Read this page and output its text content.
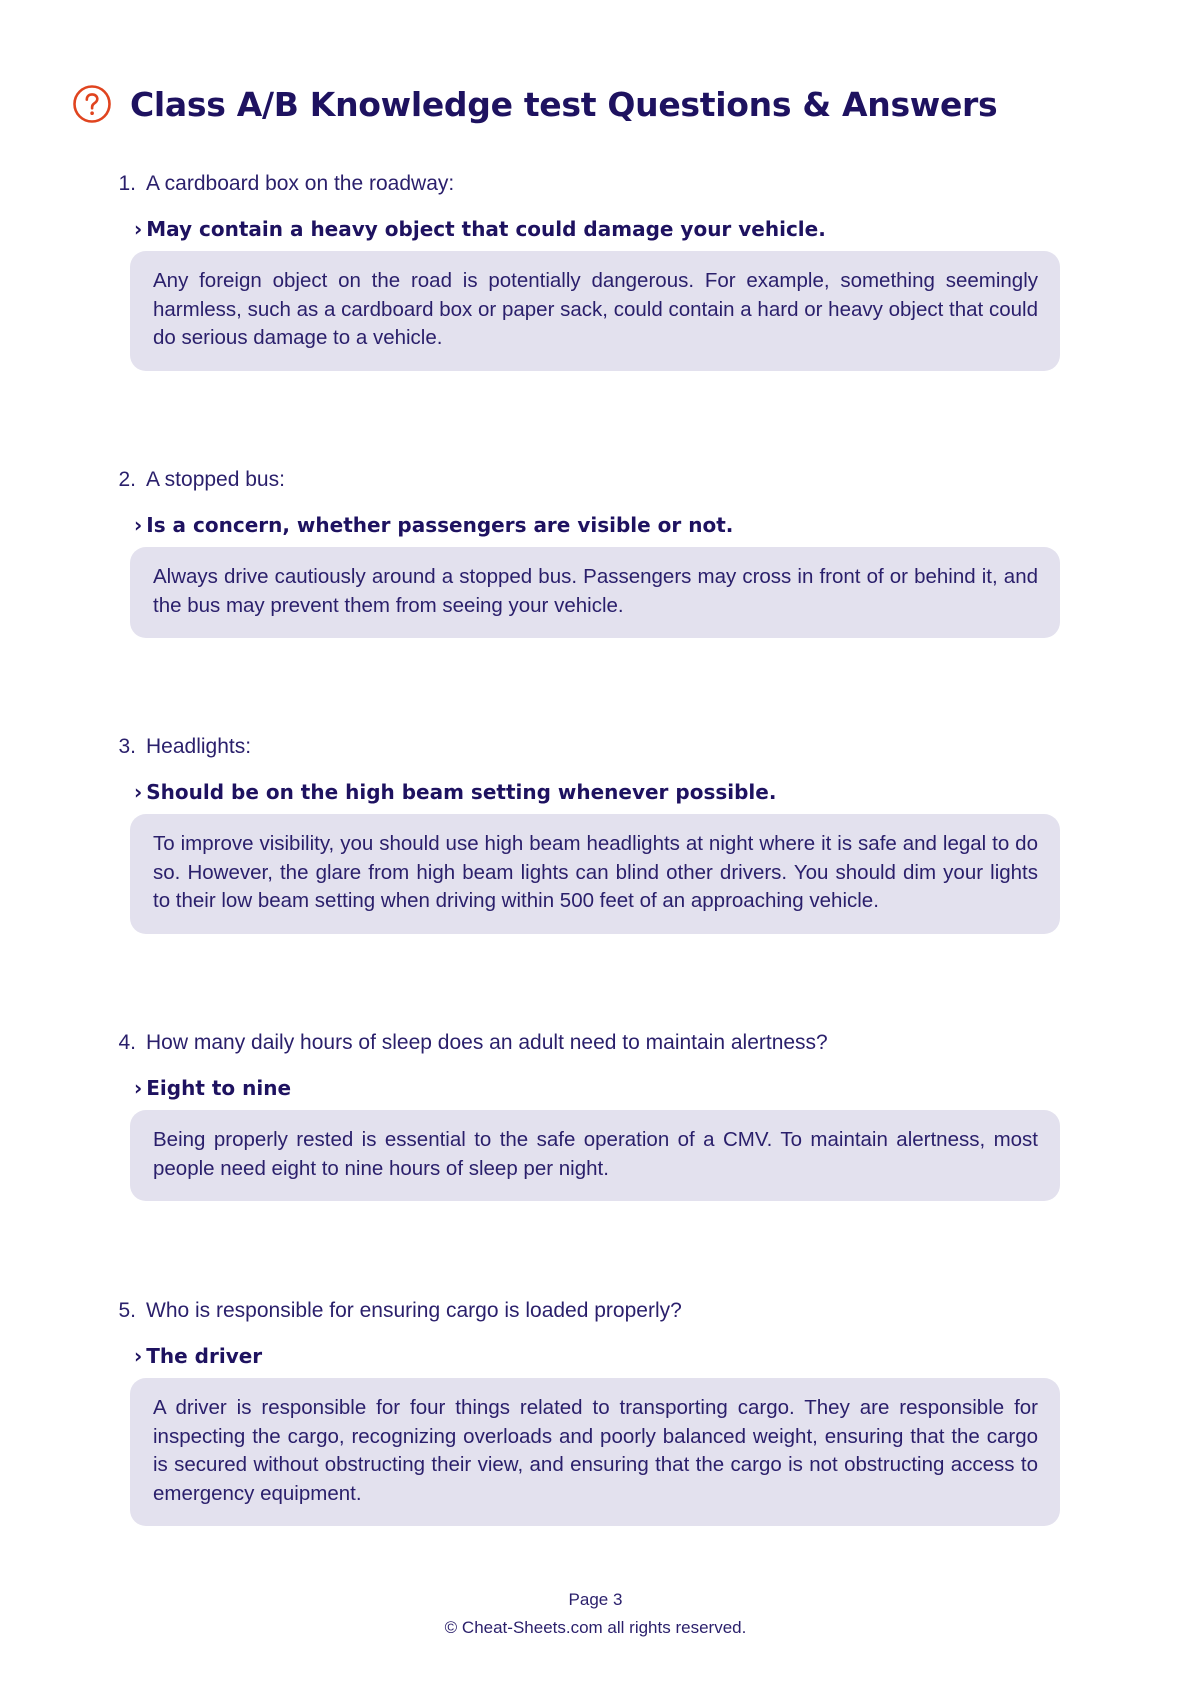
Class A/B Knowledge test Questions & Answers
1. A cardboard box on the roadway:
› May contain a heavy object that could damage your vehicle.
Any foreign object on the road is potentially dangerous. For example, something seemingly harmless, such as a cardboard box or paper sack, could contain a hard or heavy object that could do serious damage to a vehicle.
2. A stopped bus:
› Is a concern, whether passengers are visible or not.
Always drive cautiously around a stopped bus. Passengers may cross in front of or behind it, and the bus may prevent them from seeing your vehicle.
3. Headlights:
› Should be on the high beam setting whenever possible.
To improve visibility, you should use high beam headlights at night where it is safe and legal to do so. However, the glare from high beam lights can blind other drivers. You should dim your lights to their low beam setting when driving within 500 feet of an approaching vehicle.
4. How many daily hours of sleep does an adult need to maintain alertness?
› Eight to nine
Being properly rested is essential to the safe operation of a CMV. To maintain alertness, most people need eight to nine hours of sleep per night.
5. Who is responsible for ensuring cargo is loaded properly?
› The driver
A driver is responsible for four things related to transporting cargo. They are responsible for inspecting the cargo, recognizing overloads and poorly balanced weight, ensuring that the cargo is secured without obstructing their view, and ensuring that the cargo is not obstructing access to emergency equipment.
Page 3
© Cheat-Sheets.com all rights reserved.
